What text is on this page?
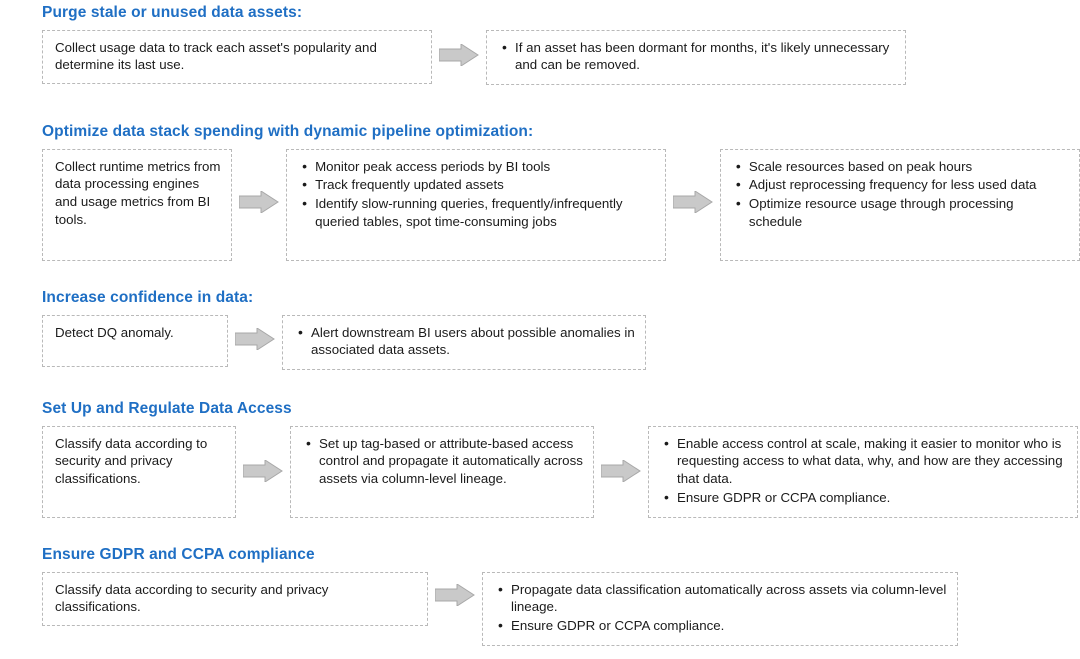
Purge stale or unused data assets:

Collect usage data to track each asset's popularity and determine its last use.

• If an asset has been dormant for months, it's likely unnecessary and can be removed.
Optimize data stack spending with dynamic pipeline optimization:

Collect runtime metrics from data processing engines and usage metrics from BI tools.

• Monitor peak access periods by BI tools
• Track frequently updated assets
• Identify slow-running queries, frequently/infrequently queried tables, spot time-consuming jobs
• Scale resources based on peak hours
• Adjust reprocessing frequency for less used data
• Optimize resource usage through processing schedule
Increase confidence in data:

Detect DQ anomaly.	• Alert downstream BI users about possible anomalies in associated data assets.
Set Up and Regulate Data Access

Classify data according to security and privacy classifications.

• Set up tag-based or attribute-based access control and propagate it automatically across assets via column-level lineage.
• Enable access control at scale, making it easier to monitor who is requesting access to what data, why, and how are they accessing that data.
• Ensure GDPR or CCPA compliance.
Ensure GDPR and CCPA compliance

Classify data according to security and privacy classifications.

• Propagate data classification automatically across assets via column-level lineage.
• Ensure GDPR or CCPA compliance.
